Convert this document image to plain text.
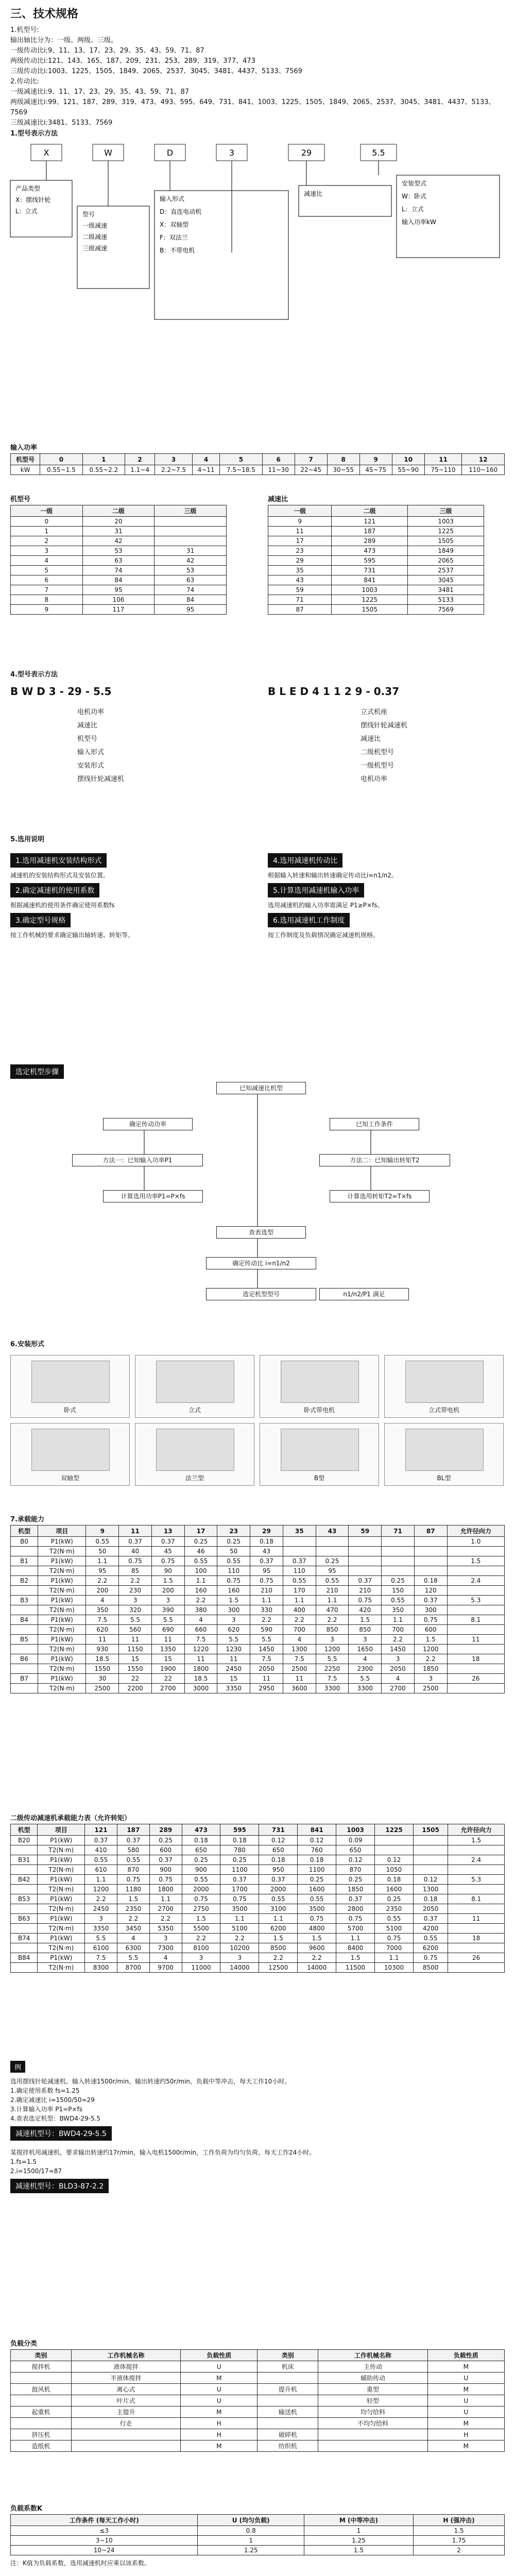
三、技术规格
1.机型号:
输出轴比分为：一级、两级、三级。
一级传动比i:9、11、13、17、23、29、35、43、59、71、87
两级传动比i:121、143、165、187、209、231、253、289、319、377、473
三级传动比i:1003、1225、1505、1849、2065、2537、3045、3481、4437、5133、7569
2.传动比:
一级减速比i:9、11、17、23、29、35、43、59、71、87
两级减速比i:99、121、187、289、319、473、493、595、649、731、841、1003、1225、1505、1849、2065、2537、3045、3481、4437、5133、7569
三级减速比i:3481、5133、7569
1.型号表示方法
X	W	D	3	29	5.5
产品类型
X：摆线针轮
L：立式	型号
一级减速
二级减速
三级减速
输入形式
D：直连电动机
X：双轴型
F：双法兰
B：不带电机
减速比
安装型式
W：卧式
L：立式
输入功率kW
输入功率
机型号	0	1	2	3	4	5	6	7	8	9	10	11	12
kW	0.55~1.5	0.55~2.2	1.1~4	2.2~7.5	4~11	7.5~18.5	11~30	22~45	30~55	45~75	55~90	75~110	110~160
机型号
一级	二级	三级
0	20	
1	31	
2	42	
3	53	31
4	63	42
5	74	53
6	84	63
7	95	74
8	106	84
9	117	95
减速比
一级	二级	三级
9	121	1003
11	187	1225
17	289	1505
23	473	1849
29	595	2065
35	731	2537
43	841	3045
59	1003	3481
71	1225	5133
87	1505	7569
4.型号表示方法
B W D 3 - 29 - 5.5	B L E D 4 1 1 2 9 - 0.37
电机功率
减速比
机型号
输入形式
安装形式
摆线针轮减速机
立式机座
摆线针轮减速机
减速比
二级机型号
一级机型号
电机功率
5.选用说明
1.选用减速机安装结构形式
减速机的安装结构形式及安装位置。
2.确定减速机的使用系数
根据减速机的使用条件确定使用系数fs
3.确定型号规格
按工作机械的要求确定输出轴转速、转矩等。
4.选用减速机传动比
根据输入转速和输出转速确定传动比i=n1/n2。
5.计算选用减速机输入功率
选用减速机的输入功率需满足 P1≥P×fs。
6.选用减速机工作制度
按工作制度及负载情况确定减速机规格。
选定机型步骤
已知减速比机型
确定传动功率	已知工作条件
方法一：已知输入功率P1	方法二：已知输出转矩T2
计算选用功率P1=P×fs	计算选用转矩T2=T×fs
查表选型
确定传动比 i=n1/n2
选定机型型号	n1/n2/P1 满足
6.安装形式
卧式	立式	卧式带电机	立式带电机
双轴型	法兰型	B型	BL型
7.承载能力
机型	项目	9	11	13	17	23	29	35	43	59	71	87	允许径向力
B0	P1(kW)	0.55	0.37	0.37	0.25	0.25	0.18						1.0
	T2(N·m)	50	40	45	46	50	43						
B1	P1(kW)	1.1	0.75	0.75	0.55	0.55	0.37	0.37	0.25				1.5
	T2(N·m)	95	85	90	100	110	95	110	95				
B2	P1(kW)	2.2	2.2	1.5	1.1	0.75	0.75	0.55	0.55	0.37	0.25	0.18	2.4
	T2(N·m)	200	230	200	160	160	210	170	210	210	150	120	
B3	P1(kW)	4	3	3	2.2	1.5	1.1	1.1	1.1	0.75	0.55	0.37	5.3
	T2(N·m)	350	320	390	380	300	330	400	470	420	350	300	
B4	P1(kW)	7.5	5.5	5.5	4	3	2.2	2.2	2.2	1.5	1.1	0.75	8.1
	T2(N·m)	620	560	690	660	620	590	700	850	850	700	600	
B5	P1(kW)	11	11	11	7.5	5.5	5.5	4	3	3	2.2	1.5	11
	T2(N·m)	930	1150	1350	1220	1230	1450	1300	1200	1650	1450	1200	
B6	P1(kW)	18.5	15	15	11	11	7.5	7.5	5.5	4	3	2.2	18
	T2(N·m)	1550	1550	1900	1800	2450	2050	2500	2250	2300	2050	1850	
B7	P1(kW)	30	22	22	18.5	15	11	11	7.5	5.5	4	3	26
	T2(N·m)	2500	2200	2700	3000	3350	2950	3600	3300	3300	2700	2500	
二级传动减速机承载能力表（允许转矩）
机型	项目	121	187	289	473	595	731	841	1003	1225	1505	允许径向力
B20	P1(kW)	0.37	0.37	0.25	0.18	0.18	0.12	0.12	0.09			1.5
	T2(N·m)	410	580	600	650	780	650	760	650			
B31	P1(kW)	0.55	0.55	0.37	0.25	0.25	0.18	0.18	0.12	0.12		2.4
	T2(N·m)	610	870	900	900	1100	950	1100	870	1050		
B42	P1(kW)	1.1	0.75	0.75	0.55	0.37	0.37	0.25	0.25	0.18	0.12	5.3
	T2(N·m)	1200	1180	1800	2000	1700	2000	1600	1850	1600	1300	
B53	P1(kW)	2.2	1.5	1.1	0.75	0.75	0.55	0.55	0.37	0.25	0.18	8.1
	T2(N·m)	2450	2350	2700	2750	3500	3100	3500	2800	2350	2050	
B63	P1(kW)	3	2.2	2.2	1.5	1.1	1.1	0.75	0.75	0.55	0.37	11
	T2(N·m)	3350	3450	5350	5500	5100	6200	4800	5700	5100	4200	
B74	P1(kW)	5.5	4	3	2.2	2.2	1.5	1.5	1.1	0.75	0.55	18
	T2(N·m)	6100	6300	7300	8100	10200	8500	9600	8400	7000	6200	
B84	P1(kW)	7.5	5.5	4	3	3	2.2	2.2	1.5	1.1	0.75	26
	T2(N·m)	8300	8700	9700	11000	14000	12500	14000	11500	10300	8500	
例
选用摆线针轮减速机，输入转速1500r/min，输出转速约50r/min，负载中等冲击，每天工作10小时。
1.确定使用系数 fs=1.25
2.确定减速比 i=1500/50≈29
3.计算输入功率 P1=P×fs
4.查表选定机型：BWD4-29-5.5
减速机型号：BWD4-29-5.5
某搅拌机用减速机，要求输出转速约17r/min，输入电机1500r/min，工作负荷为均匀负荷，每天工作24小时。
1.fs=1.5
2.i=1500/17≈87
减速机型号：BLD3-87-2.2
负载分类
类别	工作机械名称	负载性质	类别	工作机械名称	负载性质
搅拌机	液体搅拌	U	机床	主传动	M
	半液体搅拌	M		辅助传动	U
鼓风机	离心式	U	提升机	重型	M
	叶片式	U		轻型	U
起重机	主提升	M	输送机	均匀给料	U
	行走	H		不均匀给料	M
挤压机		H	破碎机		H
造纸机		M	纺织机		M
负载系数K
工作条件 (每天工作小时)	U (均匀负载)	M (中等冲击)	H (强冲击)
≤3	0.8	1	1.5
3~10	1	1.25	1.75
10~24	1.25	1.5	2
注：K值为负载系数，选用减速机时应乘以该系数。
